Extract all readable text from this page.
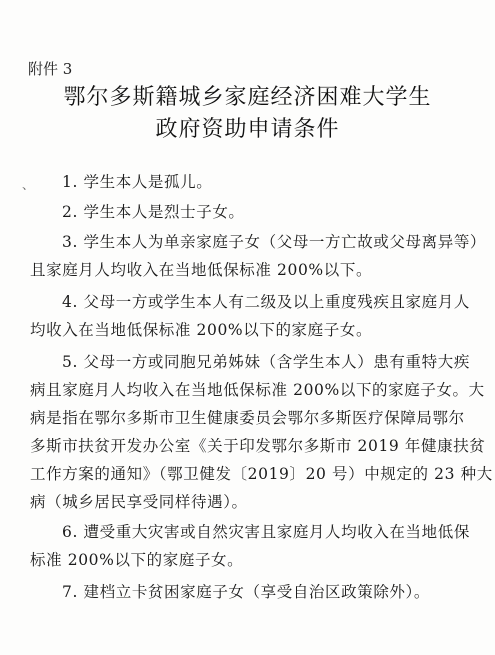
附件 3
鄂尔多斯籍城乡家庭经济困难大学生
政府资助申请条件
、	1. 学生本人是孤儿。
2. 学生本人是烈士子女。
3. 学生本人为单亲家庭子女（父母一方亡故或父母离异等）
且家庭月人均收入在当地低保标准 200%以下。
4. 父母一方或学生本人有二级及以上重度残疾且家庭月人
均收入在当地低保标准 200%以下的家庭子女。
5. 父母一方或同胞兄弟姊妹（含学生本人）患有重特大疾
病且家庭月人均收入在当地低保标准 200%以下的家庭子女。大
病是指在鄂尔多斯市卫生健康委员会鄂尔多斯医疗保障局鄂尔
多斯市扶贫开发办公室《关于印发鄂尔多斯市 2019 年健康扶贫
工作方案的通知》（鄂卫健发〔2019〕20 号）中规定的 23 种大
病（城乡居民享受同样待遇）。
6. 遭受重大灾害或自然灾害且家庭月人均收入在当地低保
标准 200%以下的家庭子女。
7. 建档立卡贫困家庭子女（享受自治区政策除外）。
